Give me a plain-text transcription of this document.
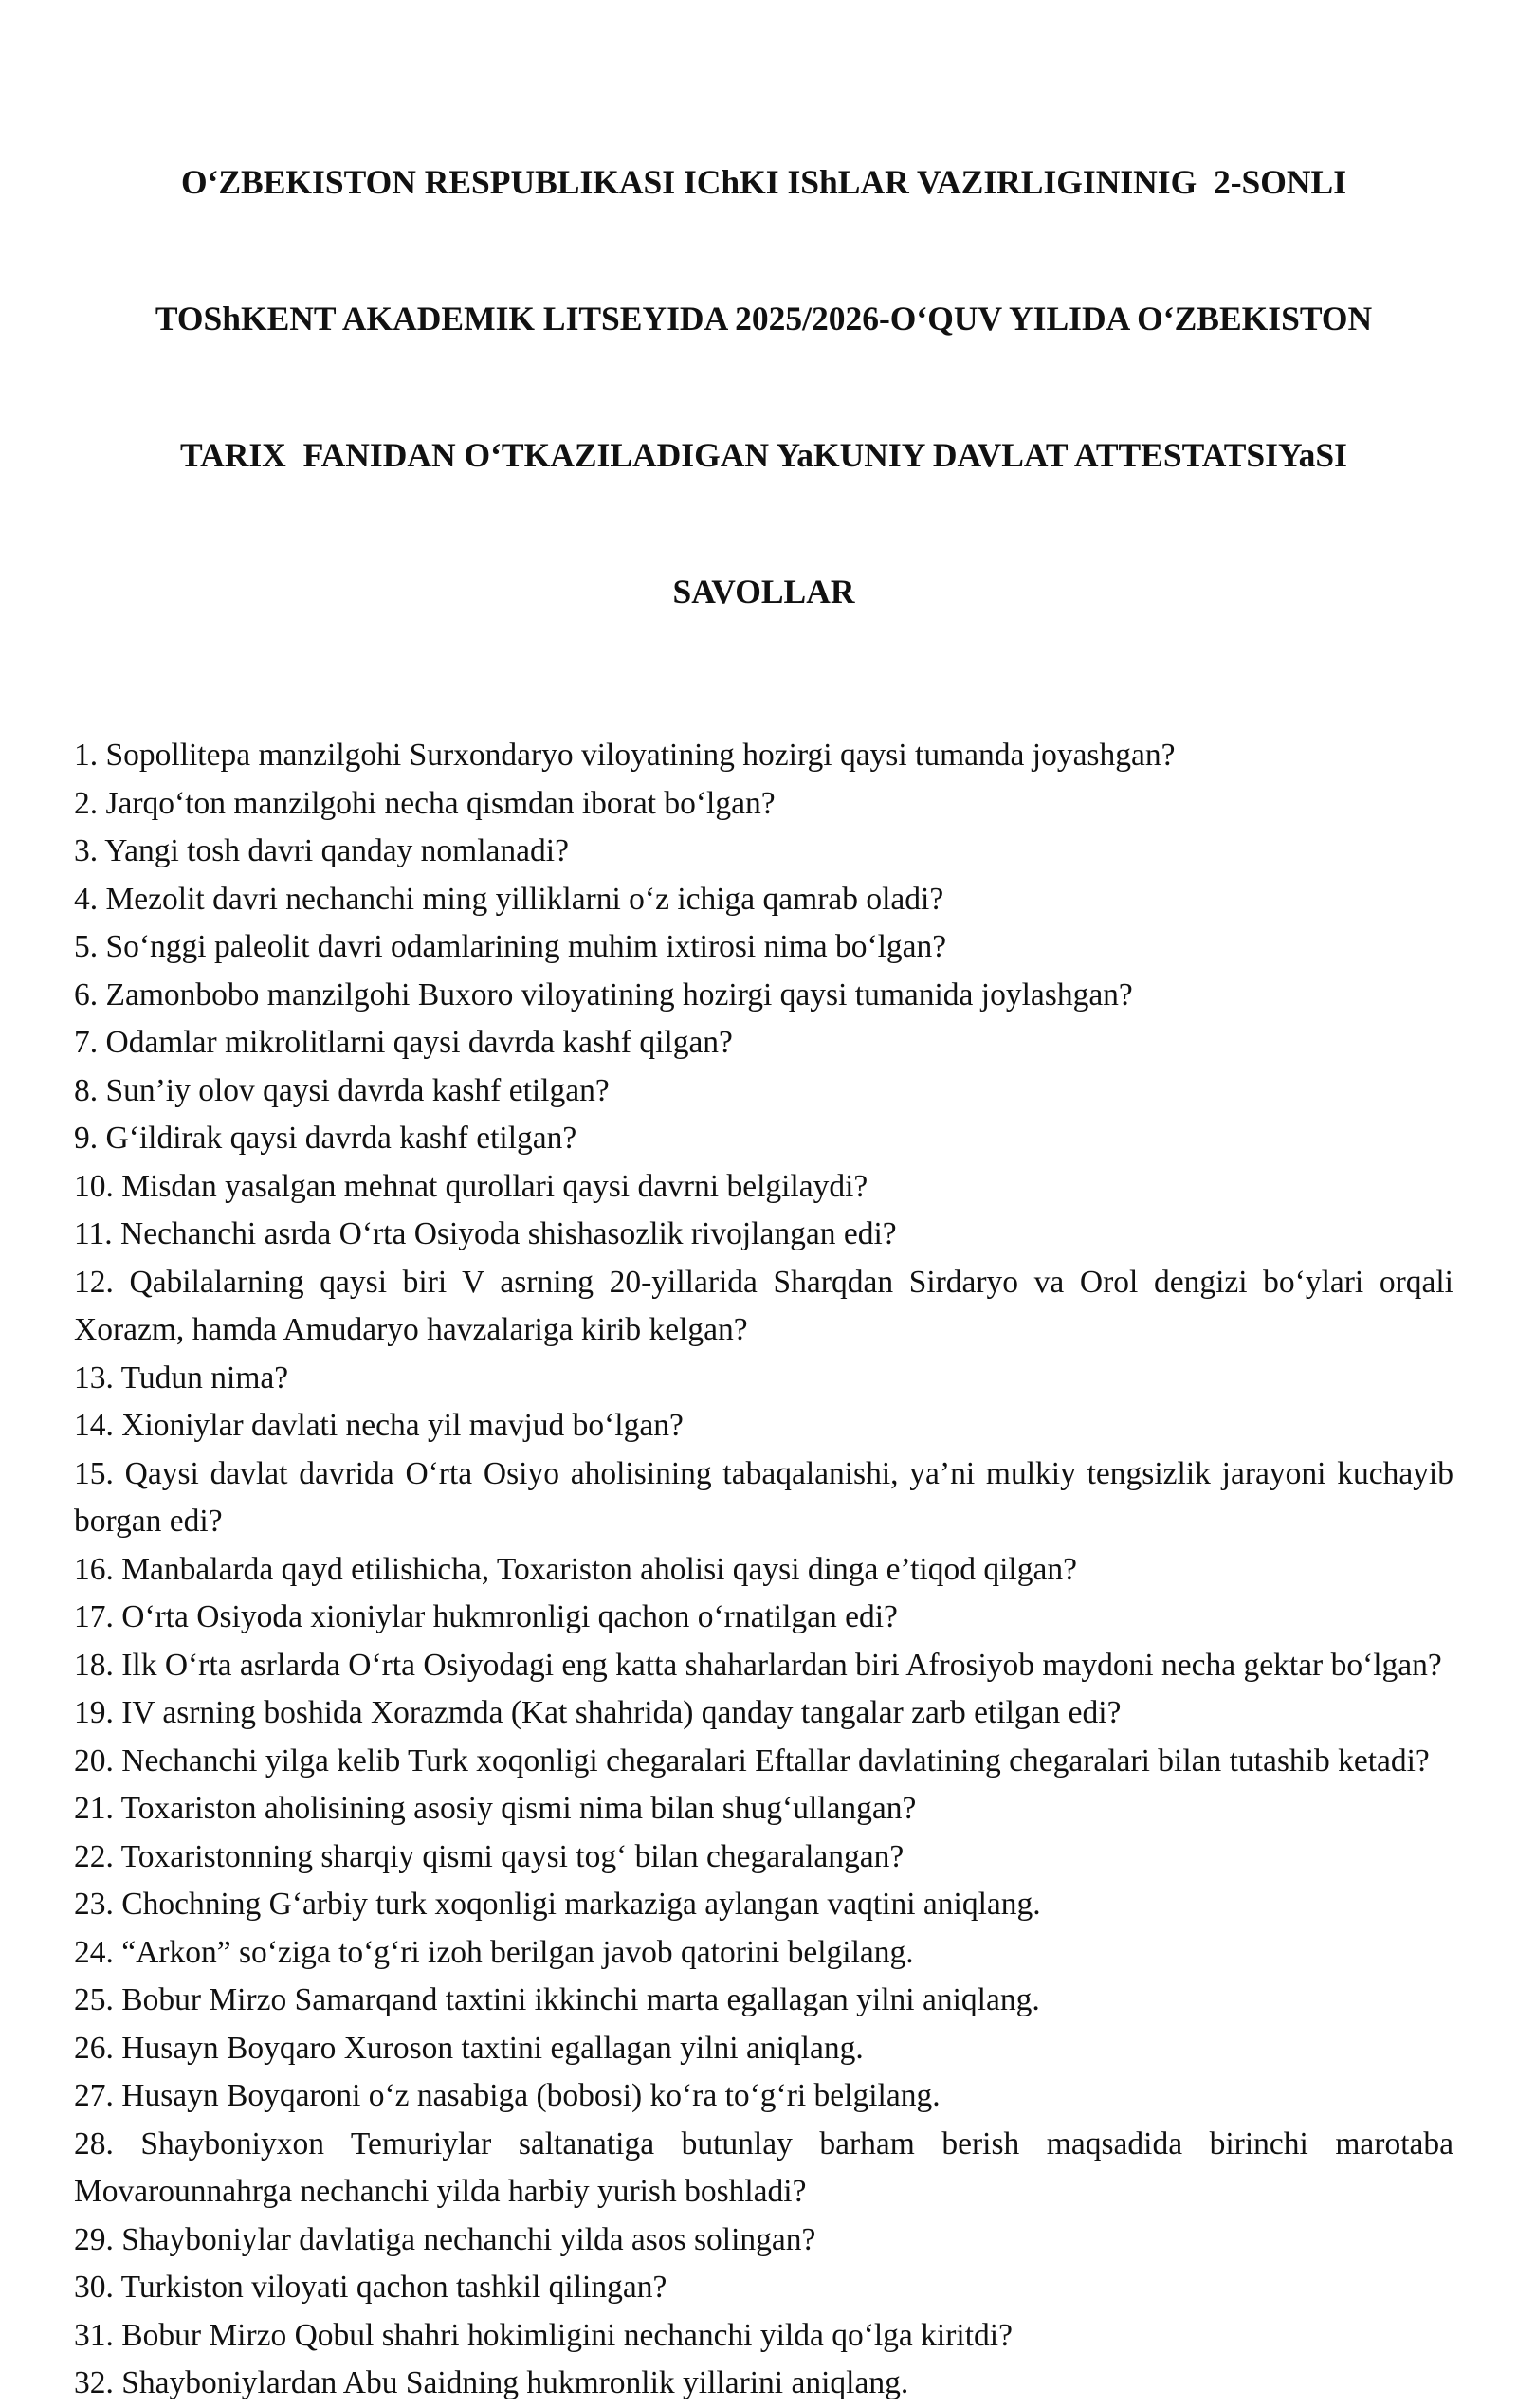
O‘ZBEKISTON RESPUBLIKASI IChKI IShLAR VAZIRLIGININIG  2-SONLI

TOShKENT AKADEMIK LITSEYIDA 2025/2026-O‘QUV YILIDA O‘ZBEKISTON

TARIX  FANIDAN O‘TKAZILADIGAN YaKUNIY DAVLAT ATTESTATSIYaSI

SAVOLLAR

1. Sopollitepa manzilgohi Surxondaryo viloyatining hozirgi qaysi tumanda joyashgan?
2. Jarqo‘ton manzilgohi necha qismdan iborat bo‘lgan?
3. Yangi tosh davri qanday nomlanadi?
4. Mezolit davri nechanchi ming yilliklarni o‘z ichiga qamrab oladi?
5. So‘nggi paleolit davri odamlarining muhim ixtirosi nima bo‘lgan?
6. Zamonbobo manzilgohi Buxoro viloyatining hozirgi qaysi tumanida joylashgan?
7. Odamlar mikrolitlarni qaysi davrda kashf qilgan?
8. Sun’iy olov qaysi davrda kashf etilgan?
9. G‘ildirak qaysi davrda kashf etilgan?
10. Misdan yasalgan mehnat qurollari qaysi davrni belgilaydi?
11. Nechanchi asrda O‘rta Osiyoda shishasozlik rivojlangan edi?
12. Qabilalarning qaysi biri V asrning 20-yillarida Sharqdan Sirdaryo va Orol dengizi bo‘ylari orqali Xorazm, hamda Amudaryo havzalariga kirib kelgan?
13. Tudun nima?
14. Xioniylar davlati necha yil mavjud bo‘lgan?
15. Qaysi davlat davrida O‘rta Osiyo aholisining tabaqalanishi, ya’ni mulkiy tengsizlik jarayoni kuchayib borgan edi?
16. Manbalarda qayd etilishicha, Toxariston aholisi qaysi dinga e’tiqod qilgan?
17. O‘rta Osiyoda xioniylar hukmronligi qachon o‘rnatilgan edi?
18. Ilk O‘rta asrlarda O‘rta Osiyodagi eng katta shaharlardan biri Afrosiyob maydoni necha gektar bo‘lgan?
19. IV asrning boshida Xorazmda (Kat shahrida) qanday tangalar zarb etilgan edi?
20. Nechanchi yilga kelib Turk xoqonligi chegaralari Eftallar davlatining chegaralari bilan tutashib ketadi?
21. Toxariston aholisining asosiy qismi nima bilan shug‘ullangan?
22. Toxaristonning sharqiy qismi qaysi tog‘ bilan chegaralangan?
23. Chochning G‘arbiy turk xoqonligi markaziga aylangan vaqtini aniqlang.
24. “Arkon” so‘ziga to‘g‘ri izoh berilgan javob qatorini belgilang.
25. Bobur Mirzo Samarqand taxtini ikkinchi marta egallagan yilni aniqlang.
26. Husayn Boyqaro Xuroson taxtini egallagan yilni aniqlang.
27. Husayn Boyqaroni o‘z nasabiga (bobosi) ko‘ra to‘g‘ri belgilang.
28. Shayboniyxon Temuriylar saltanatiga butunlay barham berish maqsadida birinchi marotaba Movarounnahrga nechanchi yilda harbiy yurish boshladi?
29. Shayboniylar davlatiga nechanchi yilda asos solingan?
30. Turkiston viloyati qachon tashkil qilingan?
31. Bobur Mirzo Qobul shahri hokimligini nechanchi yilda qo‘lga kiritdi?
32. Shayboniylardan Abu Saidning hukmronlik yillarini aniqlang.
